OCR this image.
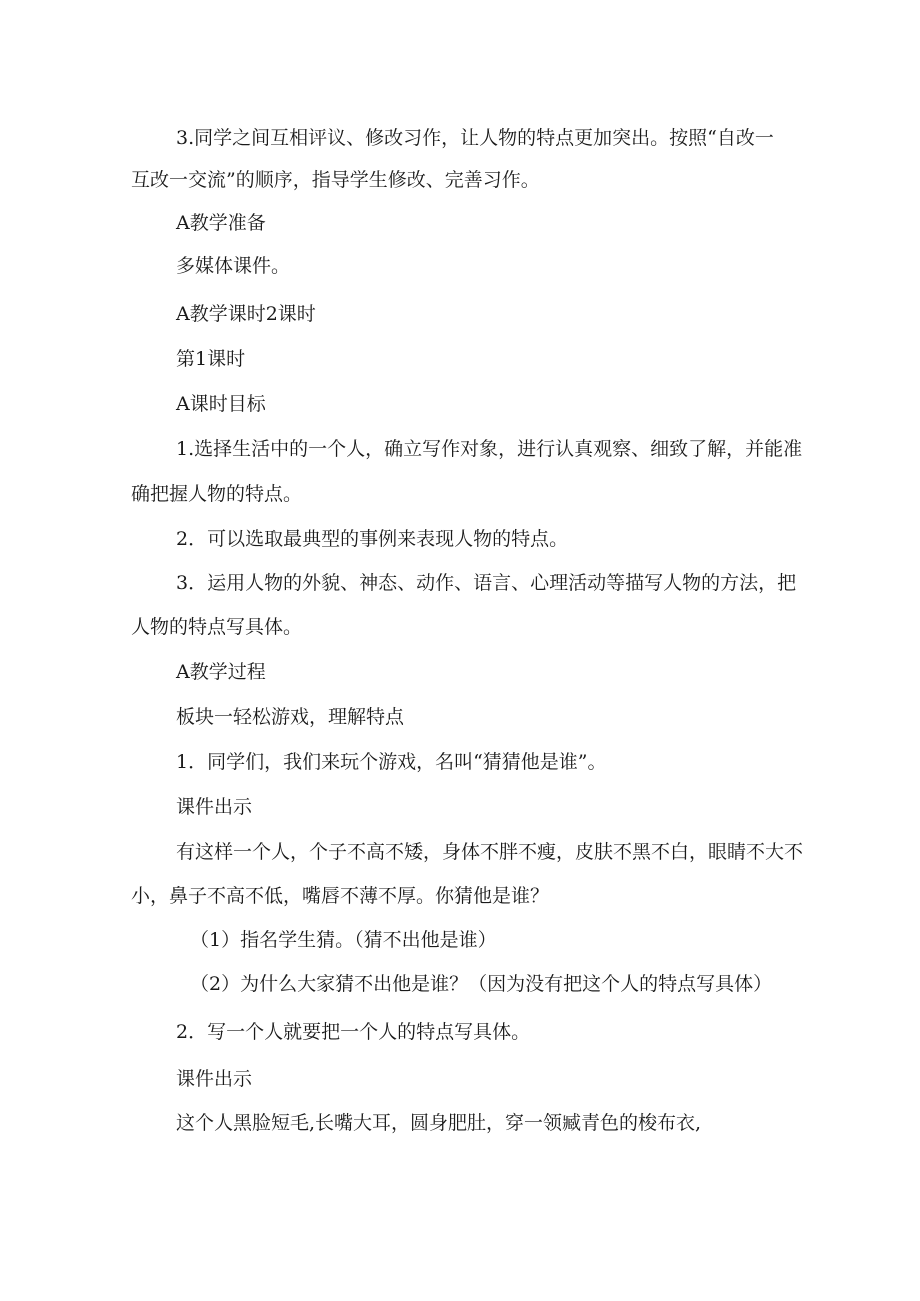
3.同学之间互相评议、修改习作，让人物的特点更加突出。按照“自改一
互改一交流”的顺序，指导学生修改、完善习作。
A教学准备
多媒体课件。
A教学课时2课时
第1课时
A课时目标
1.选择生活中的一个人，确立写作对象，进行认真观察、细致了解，并能准
确把握人物的特点。
2．可以选取最典型的事例来表现人物的特点。
3．运用人物的外貌、神态、动作、语言、心理活动等描写人物的方法，把
人物的特点写具体。
A教学过程
板块一轻松游戏，理解特点
1．同学们，我们来玩个游戏，名叫“猜猜他是谁”。
课件出示
有这样一个人，个子不高不矮，身体不胖不瘦，皮肤不黑不白，眼睛不大不
小，鼻子不高不低，嘴唇不薄不厚。你猜他是谁？
（1）指名学生猜。（猜不出他是谁）
（2）为什么大家猜不出他是谁？（因为没有把这个人的特点写具体）
2．写一个人就要把一个人的特点写具体。
课件出示
这个人黑脸短毛,长嘴大耳，圆身肥肚，穿一领臧青色的梭布衣,
